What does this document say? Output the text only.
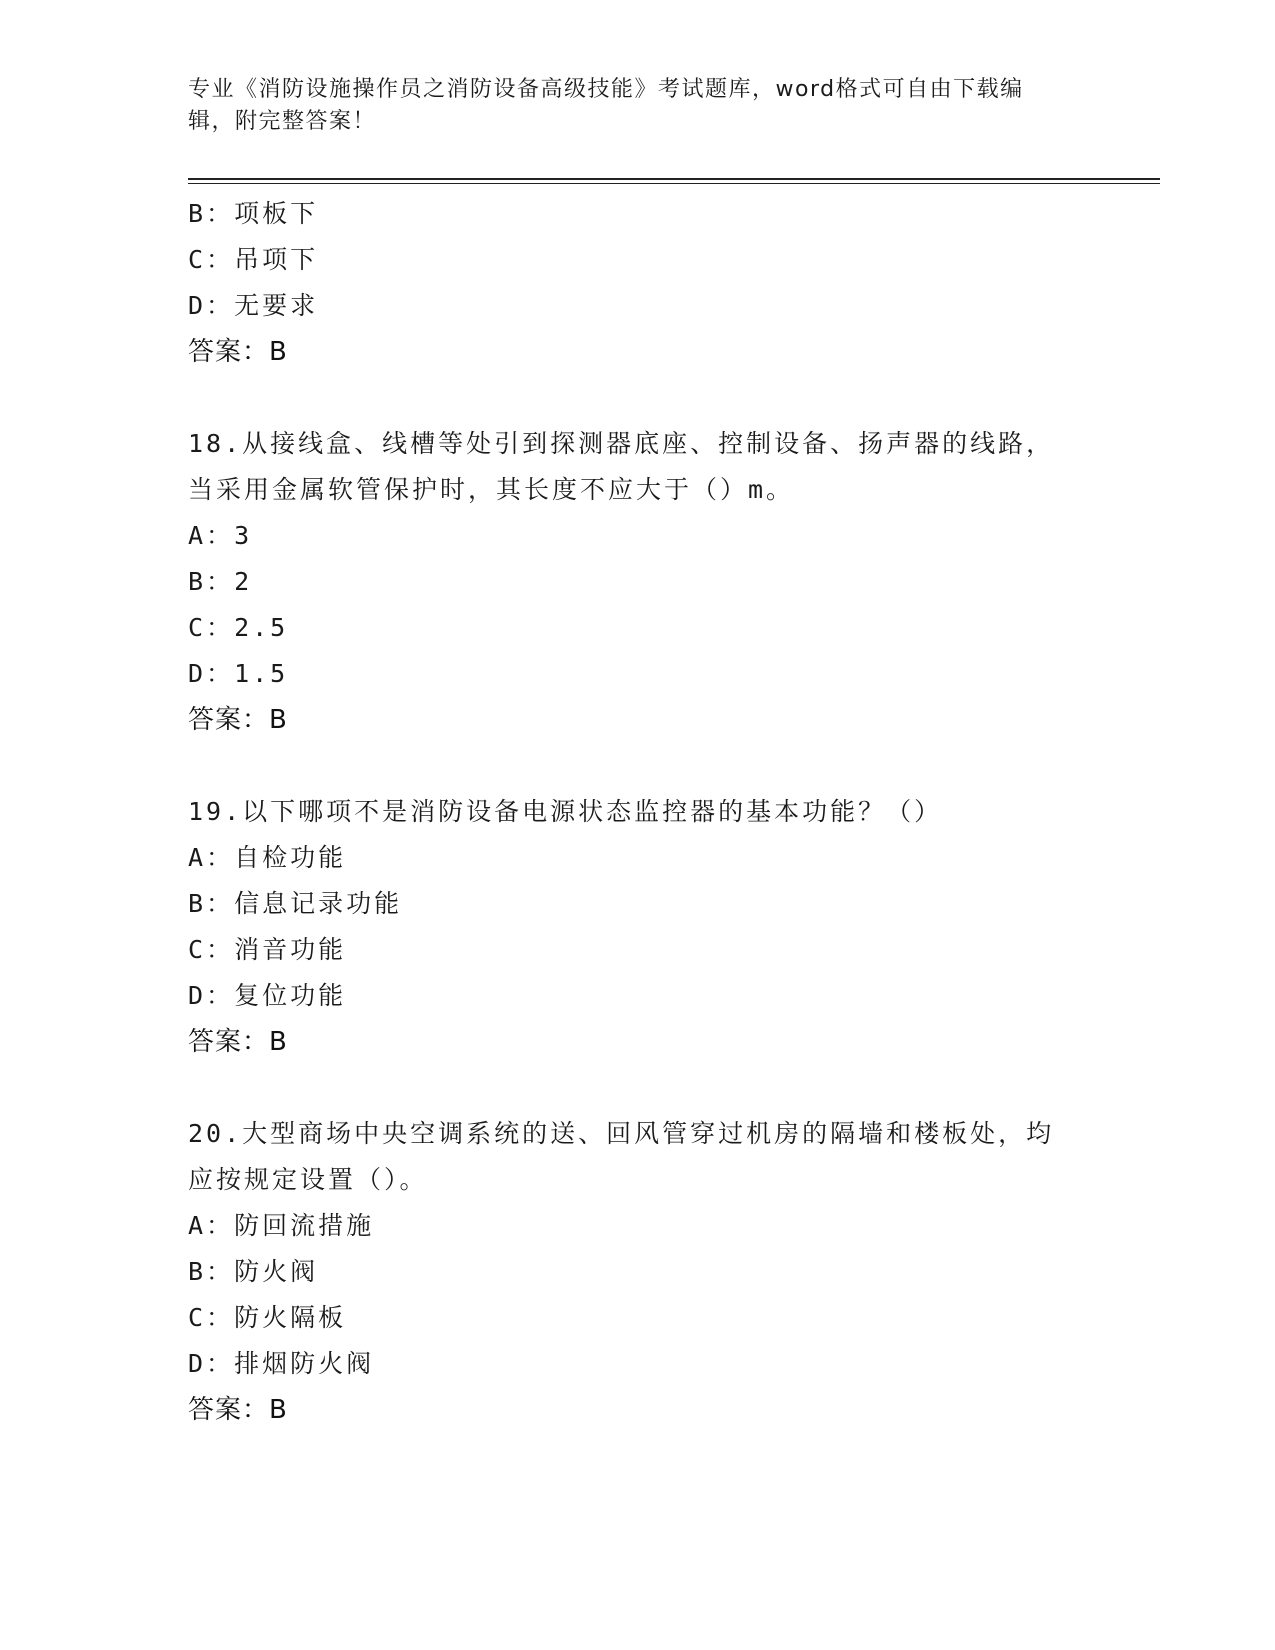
专业《消防设施操作员之消防设备高级技能》考试题库，word格式可自由下载编
辑，附完整答案！
B：项板下
C：吊项下
D：无要求
答案：B
18.从接线盒、线槽等处引到探测器底座、控制设备、扬声器的线路，
当采用金属软管保护时，其长度不应大于（）m。
A：3
B：2
C：2.5
D：1.5
答案：B
19.以下哪项不是消防设备电源状态监控器的基本功能？（）
A：自检功能
B：信息记录功能
C：消音功能
D：复位功能
答案：B
20.大型商场中央空调系统的送、回风管穿过机房的隔墙和楼板处，均
应按规定设置（）。
A：防回流措施
B：防火阀
C：防火隔板
D：排烟防火阀
答案：B
